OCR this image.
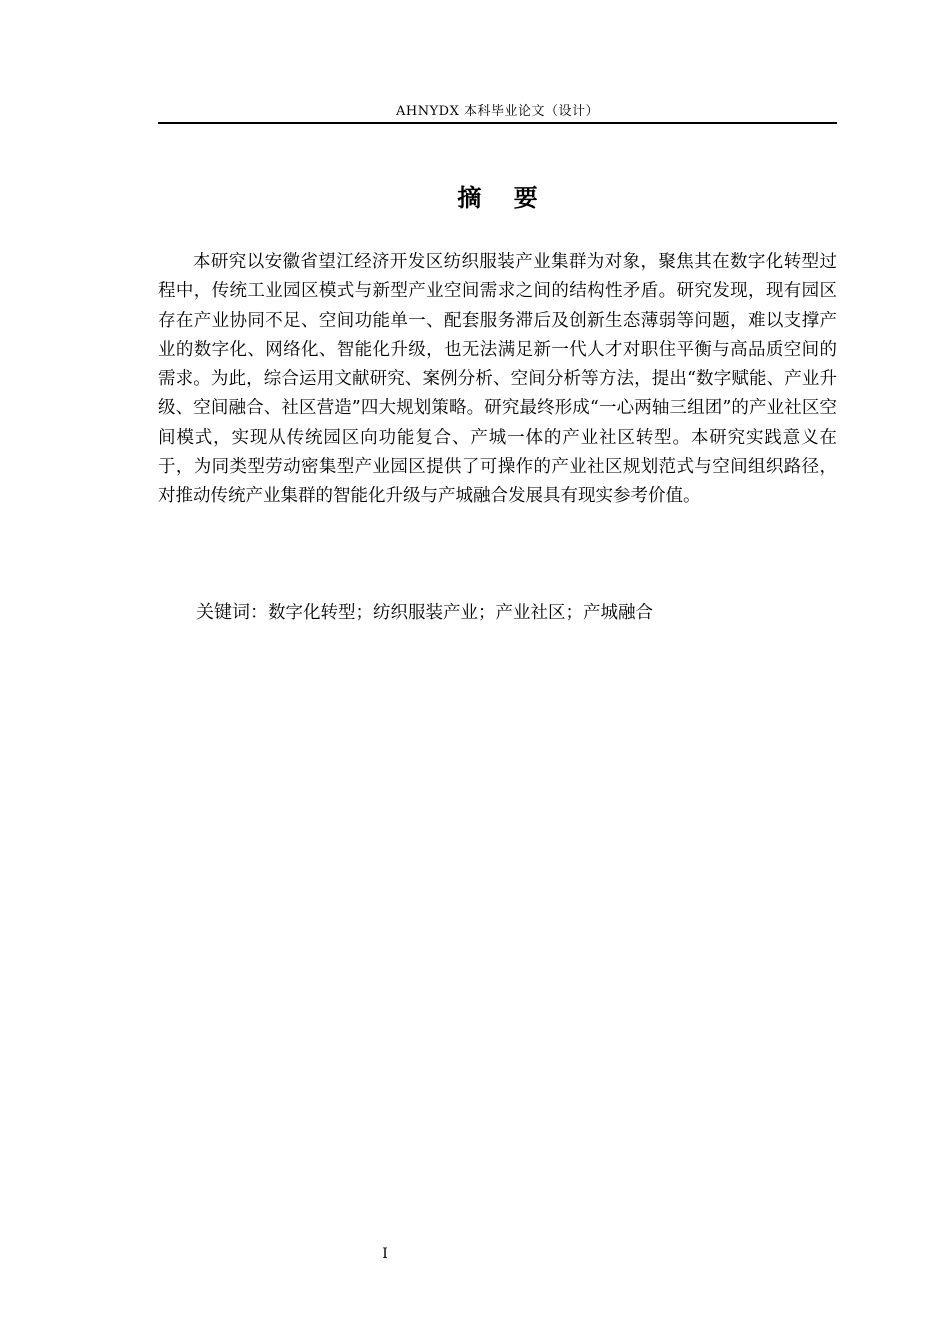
AHNYDX 本科毕业论文（设计）
摘 要

本研究以安徽省望江经济开发区纺织服装产业集群为对象，聚焦其在数字化转型过程中，传统工业园区模式与新型产业空间需求之间的结构性矛盾。研究发现，现有园区存在产业协同不足、空间功能单一、配套服务滞后及创新生态薄弱等问题，难以支撑产业的数字化、网络化、智能化升级，也无法满足新一代人才对职住平衡与高品质空间的需求。为此，综合运用文献研究、案例分析、空间分析等方法，提出“数字赋能、产业升级、空间融合、社区营造”四大规划策略。研究最终形成“一心两轴三组团”的产业社区空间模式，实现从传统园区向功能复合、产城一体的产业社区转型。本研究实践意义在于，为同类型劳动密集型产业园区提供了可操作的产业社区规划范式与空间组织路径，对推动传统产业集群的智能化升级与产城融合发展具有现实参考价值。

关键词：数字化转型；纺织服装产业；产业社区；产城融合

I
